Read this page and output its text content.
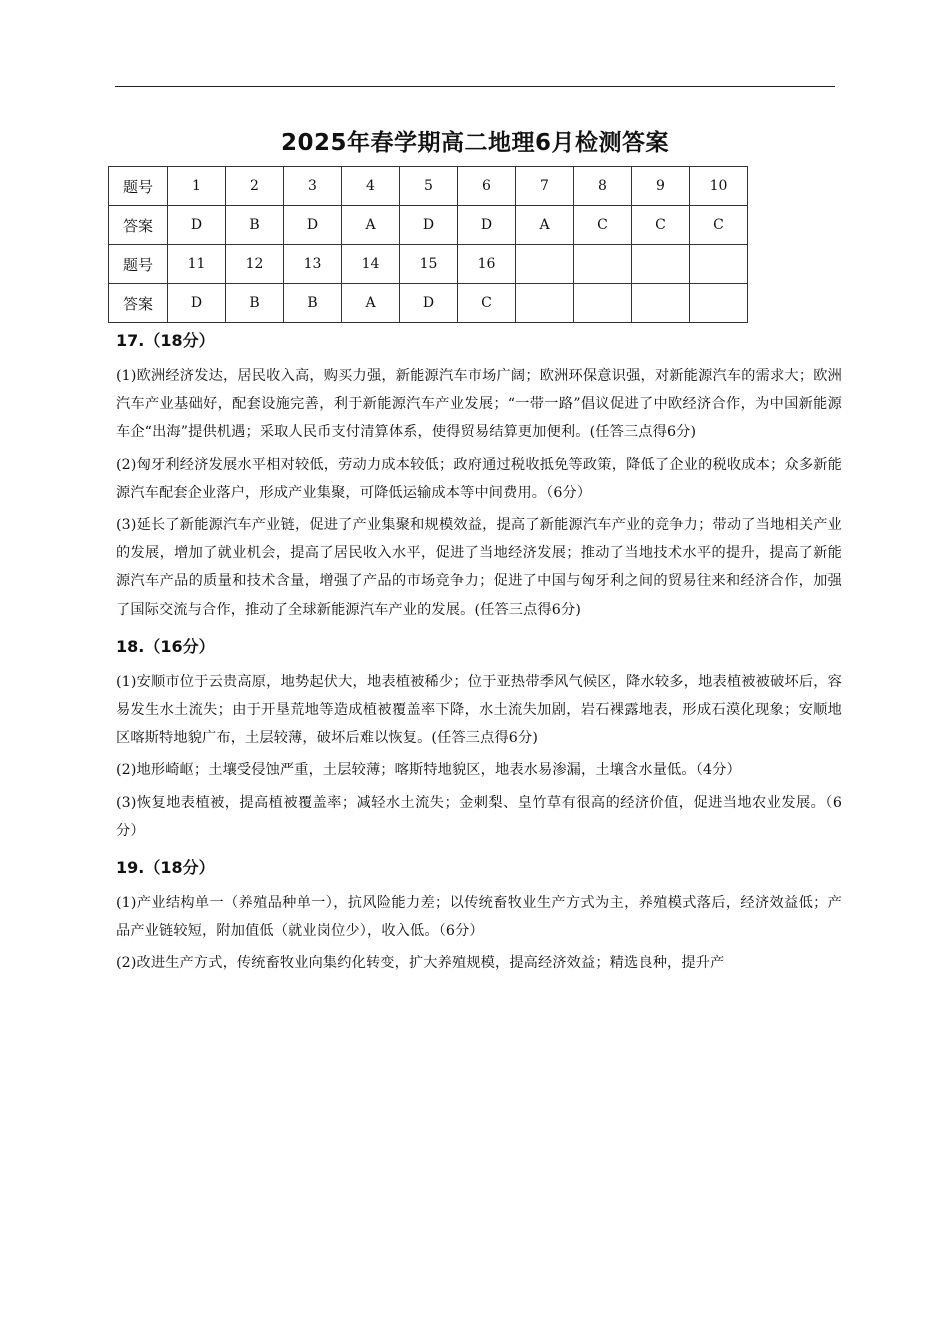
2025年春学期高二地理6月检测答案
题号	1	2	3	4	5	6	7	8	9	10
答案	D	B	D	A	D	D	A	C	C	C
题号	11	12	13	14	15	16				
答案	D	B	B	A	D	C				
17.（18分）

(1)欧洲经济发达，居民收入高，购买力强，新能源汽车市场广阔；欧洲环保意识强，对新能源汽车的需求大；欧洲汽车产业基础好，配套设施完善，利于新能源汽车产业发展；“一带一路”倡议促进了中欧经济合作，为中国新能源车企“出海”提供机遇；采取人民币支付清算体系，使得贸易结算更加便利。(任答三点得6分)

(2)匈牙利经济发展水平相对较低，劳动力成本较低；政府通过税收抵免等政策，降低了企业的税收成本；众多新能源汽车配套企业落户，形成产业集聚，可降低运输成本等中间费用。（6分）

(3)延长了新能源汽车产业链，促进了产业集聚和规模效益，提高了新能源汽车产业的竞争力；带动了当地相关产业的发展，增加了就业机会，提高了居民收入水平，促进了当地经济发展；推动了当地技术水平的提升，提高了新能源汽车产品的质量和技术含量，增强了产品的市场竞争力；促进了中国与匈牙利之间的贸易往来和经济合作，加强了国际交流与合作，推动了全球新能源汽车产业的发展。(任答三点得6分)

18.（16分）

(1)安顺市位于云贵高原，地势起伏大，地表植被稀少；位于亚热带季风气候区，降水较多，地表植被被破坏后，容易发生水土流失；由于开垦荒地等造成植被覆盖率下降，水土流失加剧，岩石裸露地表，形成石漠化现象；安顺地区喀斯特地貌广布，土层较薄，破坏后难以恢复。(任答三点得6分)

(2)地形崎岖；土壤受侵蚀严重，土层较薄；喀斯特地貌区，地表水易渗漏，土壤含水量低。（4分）

(3)恢复地表植被，提高植被覆盖率；减轻水土流失；金刺梨、皇竹草有很高的经济价值，促进当地农业发展。（6分）

19.（18分）

(1)产业结构单一（养殖品种单一），抗风险能力差；以传统畜牧业生产方式为主，养殖模式落后，经济效益低；产品产业链较短，附加值低（就业岗位少），收入低。（6分）

(2)改进生产方式，传统畜牧业向集约化转变，扩大养殖规模，提高经济效益；精选良种，提升产
